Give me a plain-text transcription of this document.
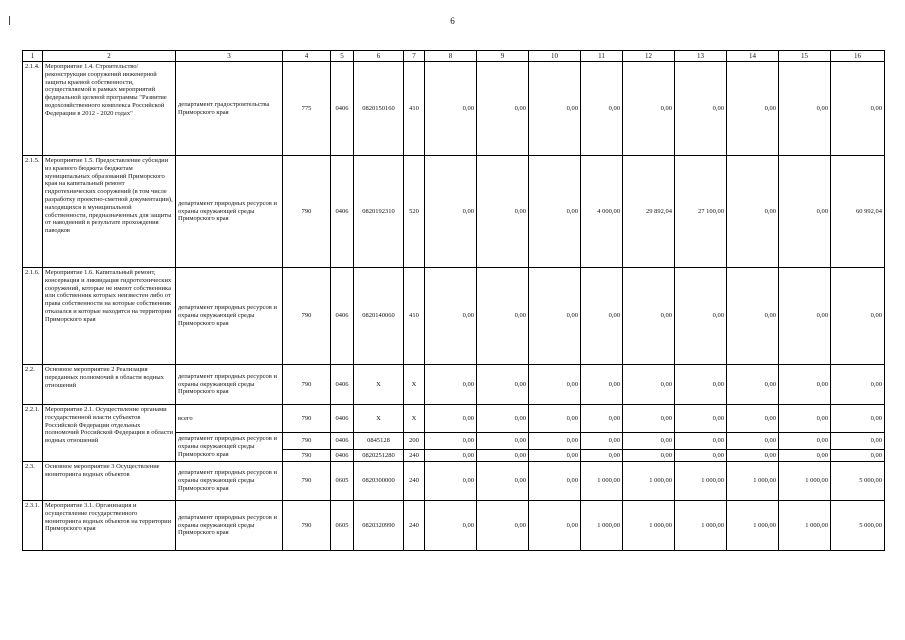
6
1	2	3	4	5	6	7	8	9	10	11	12	13	14	15	16
2.1.4.	Мероприятие 1.4. Строительство/реконструкция сооружений инженерной защиты краевой собственности, осуществляемой в рамках мероприятий федеральной целевой программы "Развитие водохозяйственного комплекса Российской Федерации в 2012 - 2020 годах"	департамент градостроительства Приморского края	775	0406	0820150160	410	0,00	0,00	0,00	0,00	0,00	0,00	0,00	0,00	0,00
2.1.5.	Мероприятие 1.5. Предоставление субсидии из краевого бюджета бюджетам муниципальных образований Приморского края на капитальный ремонт гидротехнических сооружений (в том числе разработку проектно-сметной документации), находящихся в муниципальной собственности, предназначенных для защиты от наводнений в результате прохождения паводков	департамент природных ресурсов и охраны окружающей среды Приморского края	790	0406	0820192310	520	0,00	0,00	0,00	4 000,00	29 892,04	27 100,00	0,00	0,00	60 992,04
2.1.6.	Мероприятие 1.6. Капитальный ремонт, консервация и ликвидация гидротехнических сооружений, которые не имеют собственника или собственник которых неизвестен либо от права собственности на которые собственник отказался и которые находятся на территории Приморского края	департамент природных ресурсов и охраны окружающей среды Приморского края	790	0406	0820140060	410	0,00	0,00	0,00	0,00	0,00	0,00	0,00	0,00	0,00
2.2.	Основное мероприятие 2 Реализация переданных полномочий в области водных отношений	департамент природных ресурсов и охраны окружающей среды Приморского края	790	0406	X	X	0,00	0,00	0,00	0,00	0,00	0,00	0,00	0,00	0,00
2.2.1.	Мероприятие 2.1. Осуществление органами государственной власти субъектов Российской Федерации отдельных полномочий Российской Федерации в области водных отношений	всего	790	0406	X	X	0,00	0,00	0,00	0,00	0,00	0,00	0,00	0,00	0,00
		департамент природных ресурсов и охраны окружающей среды Приморского края	790	0406	0845128	200	0,00	0,00	0,00	0,00	0,00	0,00	0,00	0,00	0,00
			790	0406	0820251280	240	0,00	0,00	0,00	0,00	0,00	0,00	0,00	0,00	0,00
2.3.	Основное мероприятие 3 Осуществление мониторинга водных объектов	департамент природных ресурсов и охраны окружающей среды Приморского края	790	0605	0820300000	240	0,00	0,00	0,00	1 000,00	1 000,00	1 000,00	1 000,00	1 000,00	5 000,00
2.3.1.	Мероприятие 3.1. Организация и осуществление государственного мониторинга водных объектов на территории Приморского края	департамент природных ресурсов и охраны окружающей среды Приморского края	790	0605	0820320990	240	0,00	0,00	0,00	1 000,00	1 000,00	1 000,00	1 000,00	1 000,00	5 000,00
